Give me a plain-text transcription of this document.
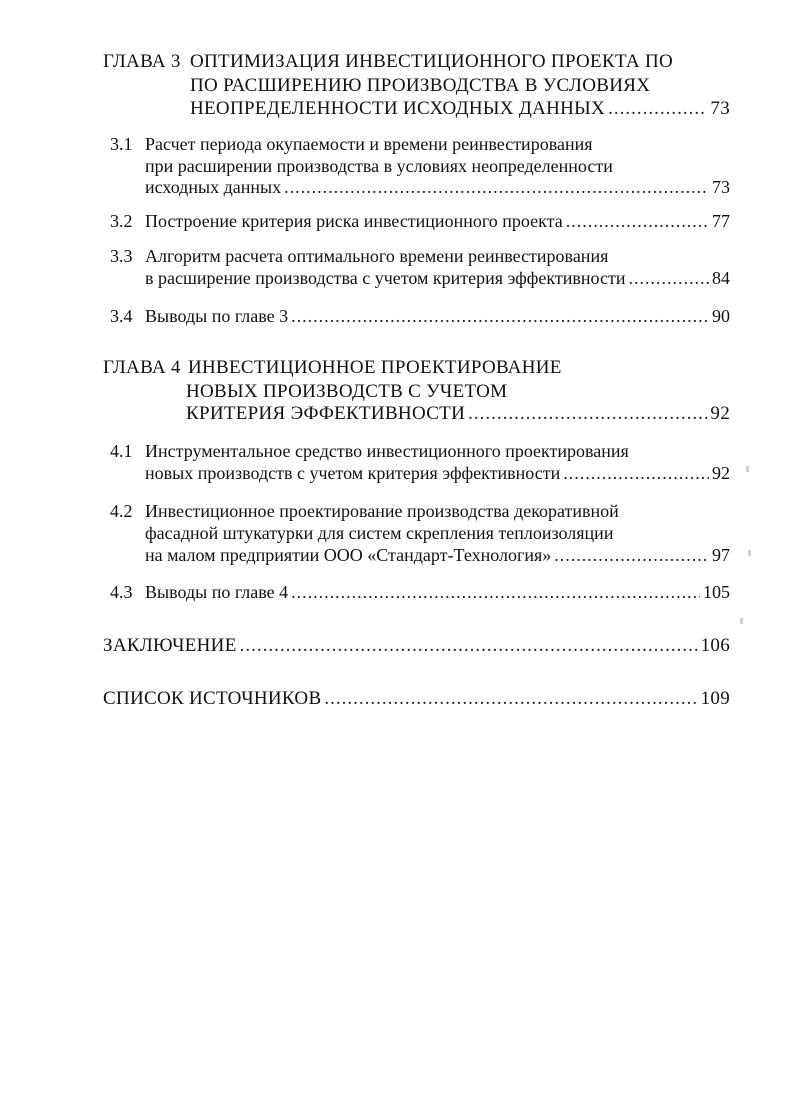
ГЛАВА 3 ОПТИМИЗАЦИЯ ИНВЕСТИЦИОННОГО ПРОЕКТА ПО
ПО РАСШИРЕНИЮ ПРОИЗВОДСТВА В УСЛОВИЯХ
НЕОПРЕДЕЛЕННОСТИ ИСХОДНЫХ ДАННЫХ .....	73
3.1 Расчет периода окупаемости и времени реинвестирования
при расширении производства в условиях неопределенности
исходных данных .....	73
3.2 Построение критерия риска инвестиционного проекта .....	77
3.3 Алгоритм расчета оптимального времени реинвестирования
в расширение производства с учетом критерия эффективности .....	84
3.4 Выводы по главе 3 .....	90
ГЛАВА 4 ИНВЕСТИЦИОННОЕ ПРОЕКТИРОВАНИЕ
НОВЫХ ПРОИЗВОДСТВ С УЧЕТОМ
КРИТЕРИЯ ЭФФЕКТИВНОСТИ .....	92
4.1 Инструментальное средство инвестиционного проектирования
новых производств с учетом критерия эффективности .....	92
4.2 Инвестиционное проектирование производства декоративной
фасадной штукатурки для систем скрепления теплоизоляции
на малом предприятии ООО «Стандарт-Технология» .....	97
4.3 Выводы по главе 4 .....	105
ЗАКЛЮЧЕНИЕ .....	106
СПИСОК ИСТОЧНИКОВ .....	109
